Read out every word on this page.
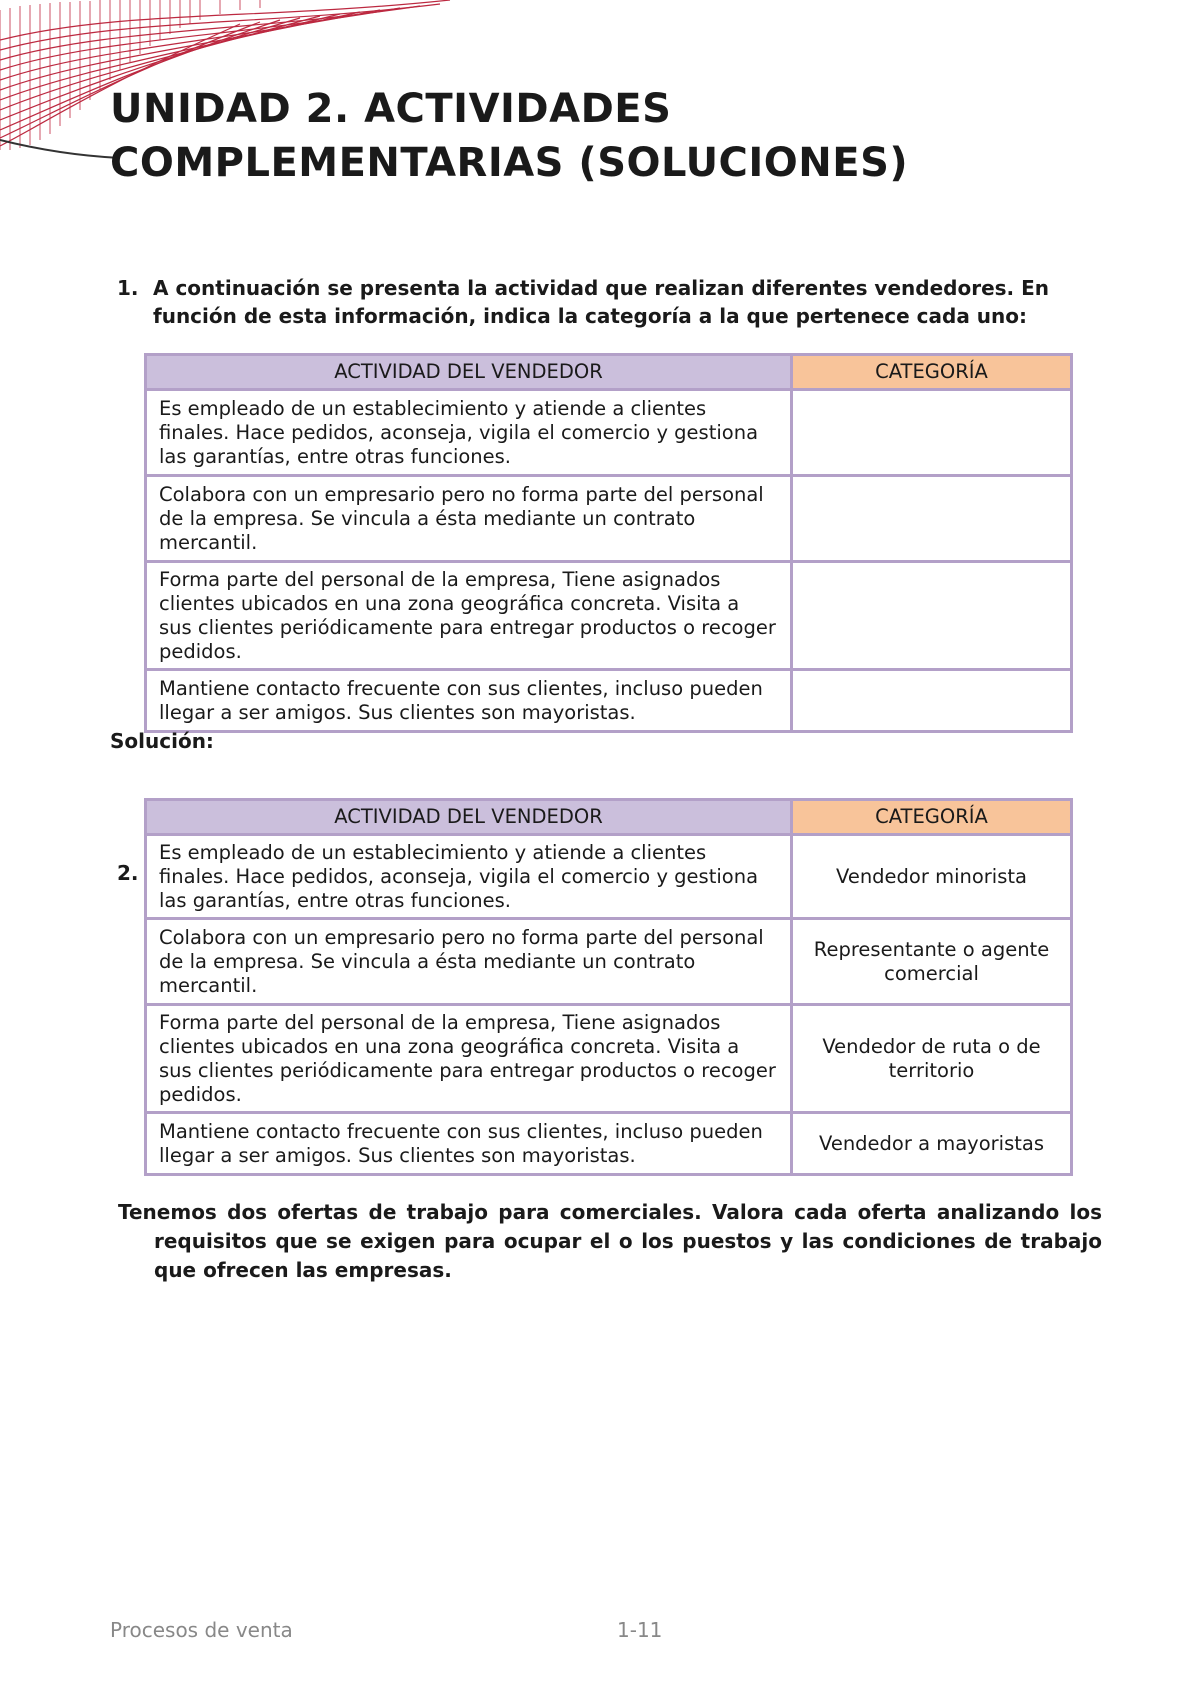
UNIDAD 2. ACTIVIDADES
COMPLEMENTARIAS (SOLUCIONES)
1. A continuación se presenta la actividad que realizan diferentes vendedores. En función de esta información, indica la categoría a la que pertenece cada uno:
ACTIVIDAD DEL VENDEDOR	CATEGORÍA
Es empleado de un establecimiento y atiende a clientes finales. Hace pedidos, aconseja, vigila el comercio y gestiona las garantías, entre otras funciones.	
Colabora con un empresario pero no forma parte del personal de la empresa. Se vincula a ésta mediante un contrato mercantil.	
Forma parte del personal de la empresa, Tiene asignados clientes ubicados en una zona geográfica concreta. Visita a sus clientes periódicamente para entregar productos o recoger pedidos.	
Mantiene contacto frecuente con sus clientes, incluso pueden llegar a ser amigos. Sus clientes son mayoristas.	
Solución:
2.
ACTIVIDAD DEL VENDEDOR	CATEGORÍA
Es empleado de un establecimiento y atiende a clientes finales. Hace pedidos, aconseja, vigila el comercio y gestiona las garantías, entre otras funciones.	Vendedor minorista
Colabora con un empresario pero no forma parte del personal de la empresa. Se vincula a ésta mediante un contrato mercantil.	Representante o agente comercial
Forma parte del personal de la empresa, Tiene asignados clientes ubicados en una zona geográfica concreta. Visita a sus clientes periódicamente para entregar productos o recoger pedidos.	Vendedor de ruta o de territorio
Mantiene contacto frecuente con sus clientes, incluso pueden llegar a ser amigos. Sus clientes son mayoristas.	Vendedor a mayoristas
Tenemos dos ofertas de trabajo para comerciales. Valora cada oferta analizando los requisitos que se exigen para ocupar el o los puestos y las condiciones de trabajo que ofrecen las empresas.
Procesos de venta	1-11
